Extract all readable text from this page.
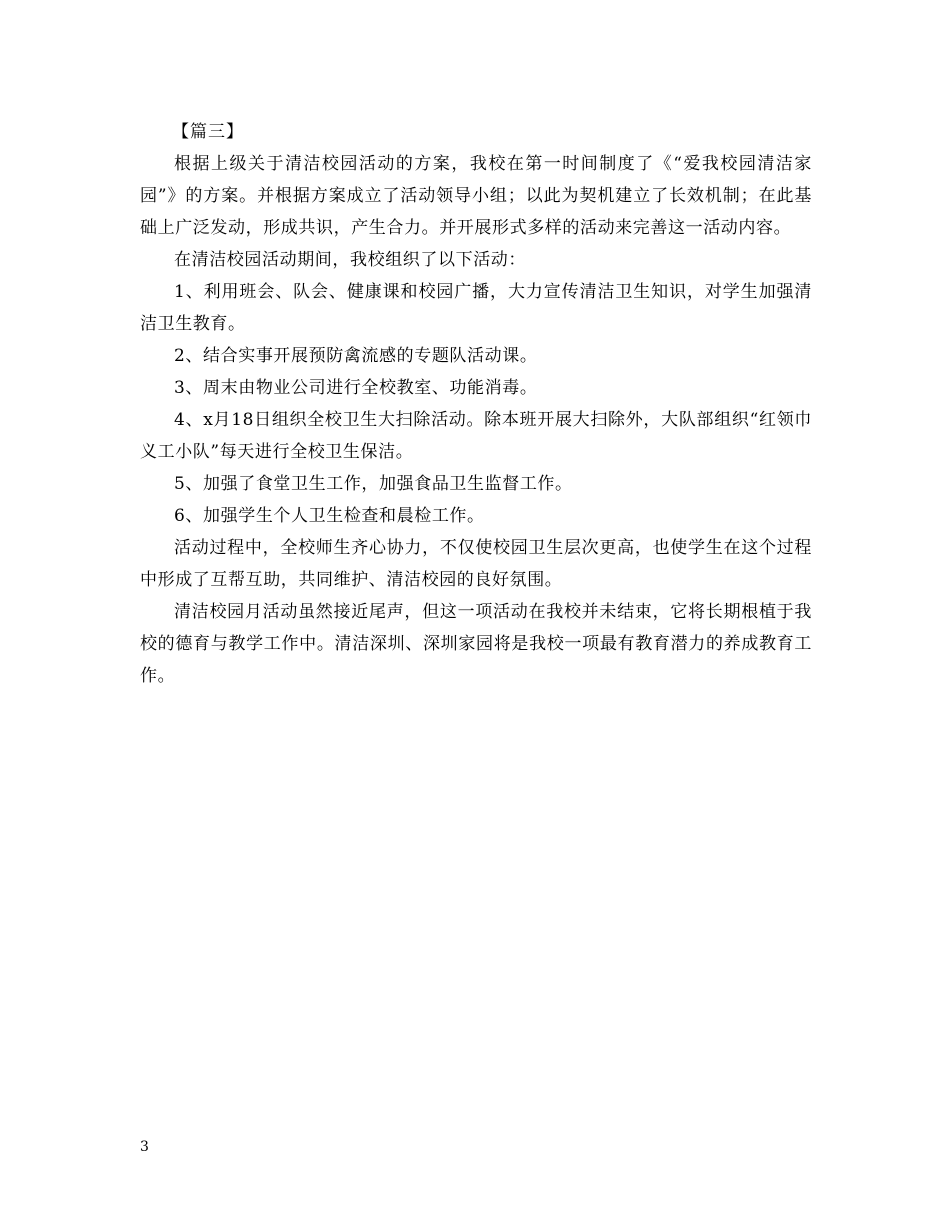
【篇三】

根据上级关于清洁校园活动的方案，我校在第一时间制度了《“爱我校园清洁家园”》的方案。并根据方案成立了活动领导小组；以此为契机建立了长效机制；在此基础上广泛发动，形成共识，产生合力。并开展形式多样的活动来完善这一活动内容。

在清洁校园活动期间，我校组织了以下活动：

1、利用班会、队会、健康课和校园广播，大力宣传清洁卫生知识，对学生加强清洁卫生教育。

2、结合实事开展预防禽流感的专题队活动课。

3、周末由物业公司进行全校教室、功能消毒。

4、x月18日组织全校卫生大扫除活动。除本班开展大扫除外，大队部组织“红领巾义工小队”每天进行全校卫生保洁。

5、加强了食堂卫生工作，加强食品卫生监督工作。

6、加强学生个人卫生检查和晨检工作。

活动过程中，全校师生齐心协力，不仅使校园卫生层次更高，也使学生在这个过程中形成了互帮互助，共同维护、清洁校园的良好氛围。

清洁校园月活动虽然接近尾声，但这一项活动在我校并未结束，它将长期根植于我校的德育与教学工作中。清洁深圳、深圳家园将是我校一项最有教育潜力的养成教育工作。

3
